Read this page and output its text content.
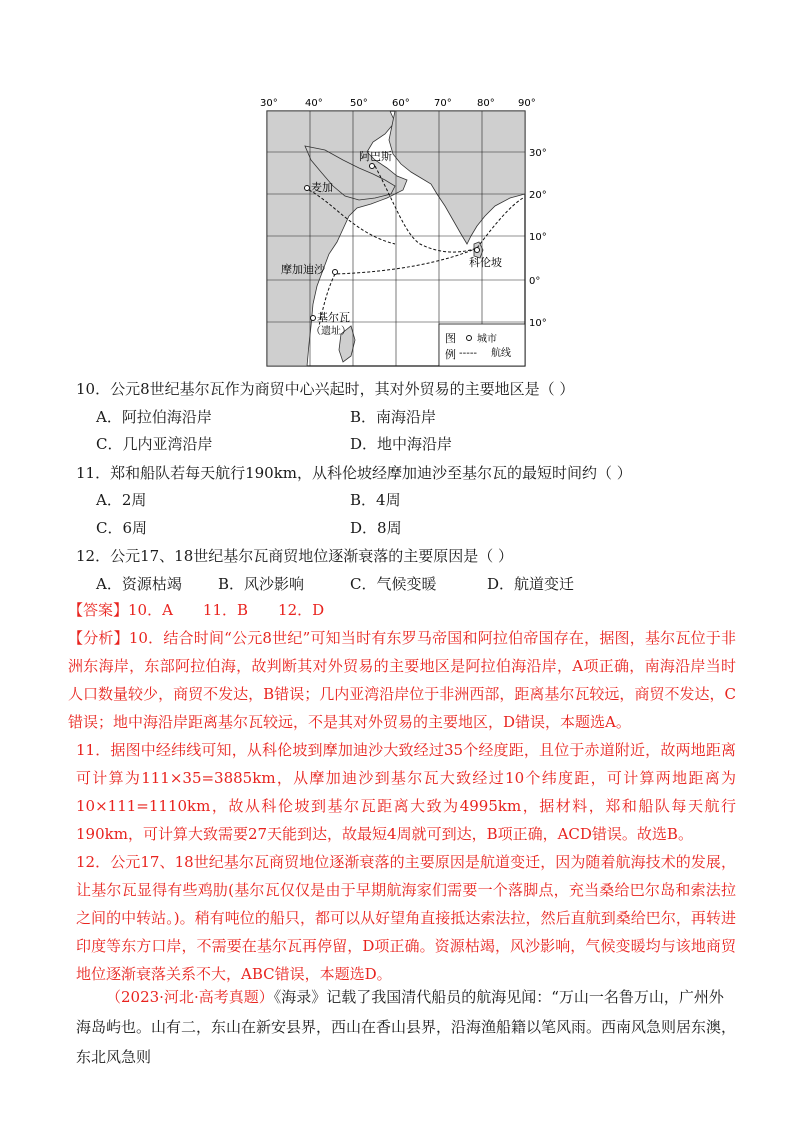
30°	40°	50° 60° 70°	80° 90°
30°
20°
10°
0°
10°
阿巴斯
麦加
科伦坡
摩加迪沙
基尔瓦
（遗址）
图
例
城市
----- 航线
10．公元8世纪基尔瓦作为商贸中心兴起时，其对外贸易的主要地区是（ ）
A．阿拉伯海沿岸	B．南海沿岸
C．几内亚湾沿岸	D．地中海沿岸
11．郑和船队若每天航行190km，从科伦坡经摩加迪沙至基尔瓦的最短时间约（ ）
A．2周	B．4周
C．6周	D．8周
12．公元17、18世纪基尔瓦商贸地位逐渐衰落的主要原因是（ ）
A．资源枯竭 B．风沙影响	C．气候变暖	D．航道变迁

【答案】10．A　　11．B　　12．D

【分析】10．结合时间“公元8世纪”可知当时有东罗马帝国和阿拉伯帝国存在，据图，基尔瓦位于非洲东海岸，东部阿拉伯海，故判断其对外贸易的主要地区是阿拉伯海沿岸，A项正确，南海沿岸当时人口数量较少，商贸不发达，B错误；几内亚湾沿岸位于非洲西部，距离基尔瓦较远，商贸不发达，C错误；地中海沿岸距离基尔瓦较远，不是其对外贸易的主要地区，D错误，本题选A。

11．据图中经纬线可知，从科伦坡到摩加迪沙大致经过35个经度距，且位于赤道附近，故两地距离可计算为111×35=3885km，从摩加迪沙到基尔瓦大致经过10个纬度距，可计算两地距离为10×111=1110km，故从科伦坡到基尔瓦距离大致为4995km，据材料，郑和船队每天航行190km，可计算大致需要27天能到达，故最短4周就可到达，B项正确，ACD错误。故选B。

12．公元17、18世纪基尔瓦商贸地位逐渐衰落的主要原因是航道变迁，因为随着航海技术的发展，让基尔瓦显得有些鸡肋(基尔瓦仅仅是由于早期航海家们需要一个落脚点，充当桑给巴尔岛和索法拉之间的中转站。)。稍有吨位的船只，都可以从好望角直接抵达索法拉，然后直航到桑给巴尔，再转进印度等东方口岸，不需要在基尔瓦再停留，D项正确。资源枯竭，风沙影响，气候变暖均与该地商贸地位逐渐衰落关系不大，ABC错误，本题选D。

（2023·河北·高考真题）《海录》记载了我国清代船员的航海见闻：“万山一名鲁万山，广州外海岛屿也。山有二，东山在新安县界，西山在香山县界，沿海渔船籍以笔风雨。西南风急则居东澳，东北风急则
